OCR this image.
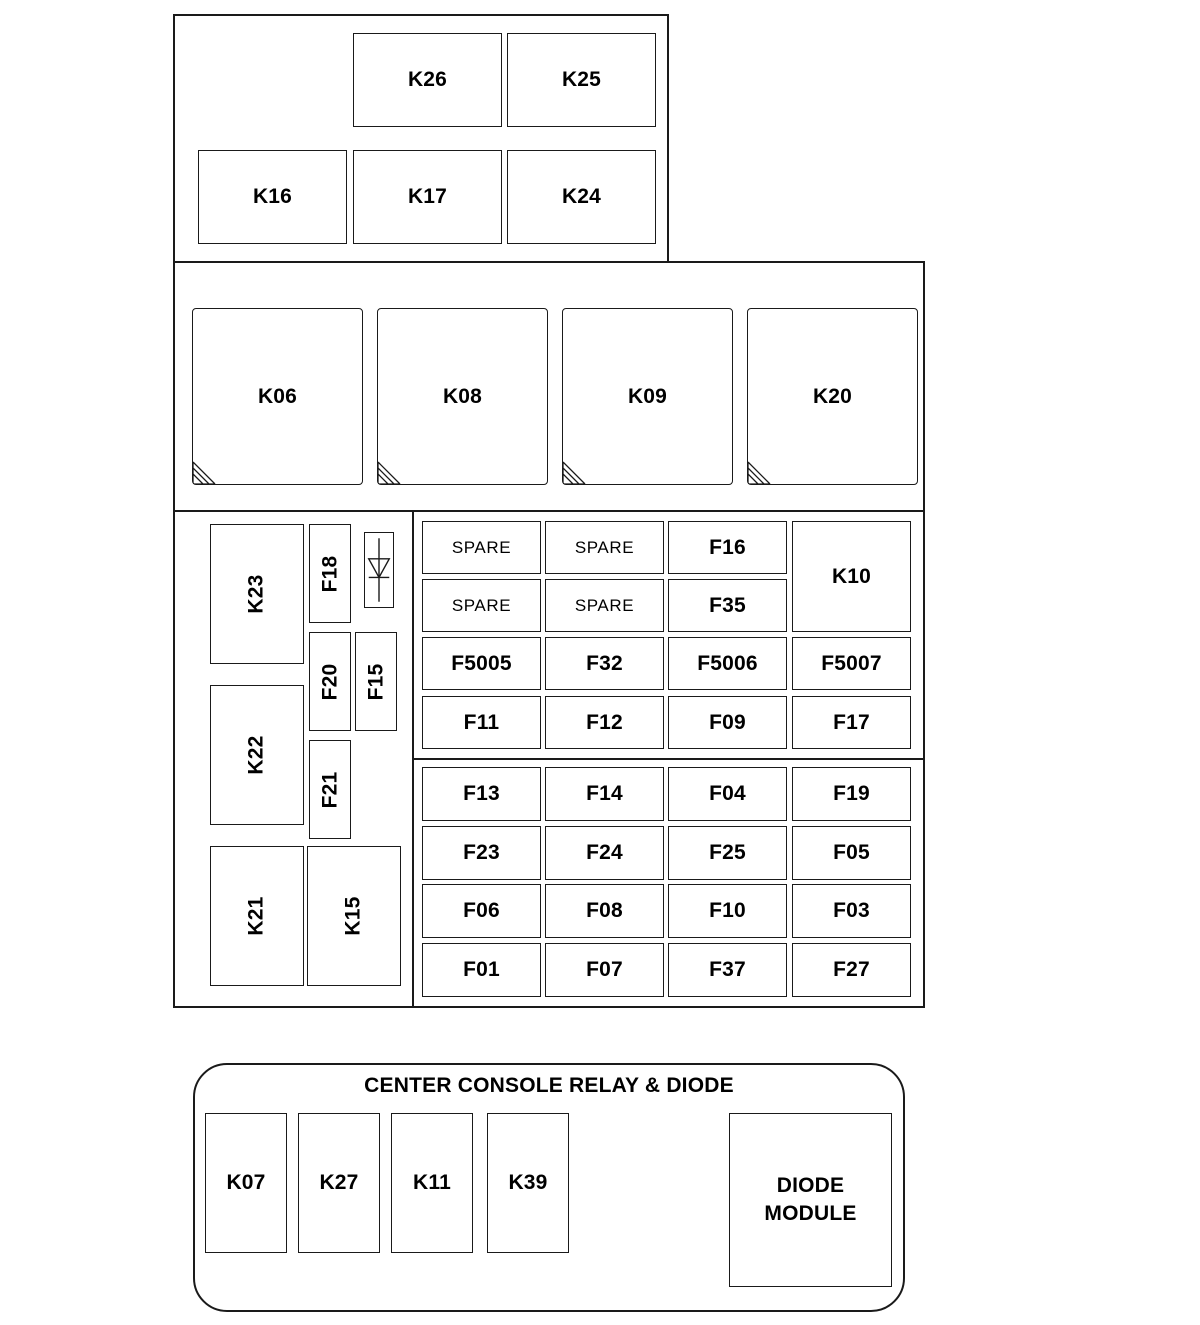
K26	K25
K16	K17	K24
K06	K08	K09	K20
K23
F18
F20 F15
K22
F21
K21	K15
SPARE	SPARE	F16
K10
SPARE	SPARE	F35
F5005	F32	F5006	F5007
F11	F12	F09	F17
F13	F14	F04	F19
F23	F24	F25	F05
F06	F08	F10	F03
F01	F07	F37	F27
CENTER CONSOLE RELAY & DIODE
K07	K27	K11	K39	DIODE
MODULE
